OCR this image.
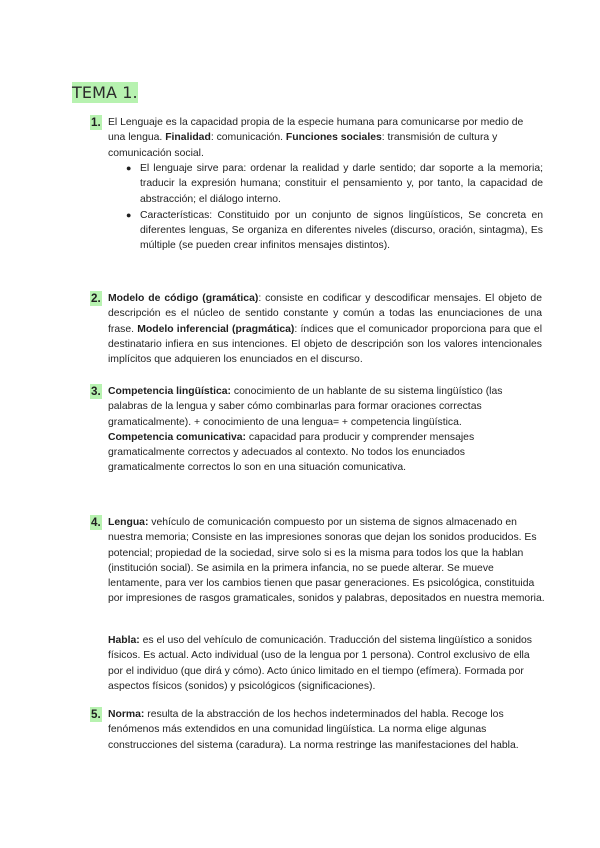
TEMA 1.
1. El Lenguaje es la capacidad propia de la especie humana para comunicarse por medio de una lengua. Finalidad: comunicación. Funciones sociales: transmisión de cultura y comunicación social.
● El lenguaje sirve para: ordenar la realidad y darle sentido; dar soporte a la memoria; traducir la expresión humana; constituir el pensamiento y, por tanto, la capacidad de abstracción; el diálogo interno.
● Características: Constituido por un conjunto de signos lingüísticos, Se concreta en diferentes lenguas, Se organiza en diferentes niveles (discurso, oración, sintagma), Es múltiple (se pueden crear infinitos mensajes distintos).
2. Modelo de código (gramática): consiste en codificar y descodificar mensajes. El objeto de descripción es el núcleo de sentido constante y común a todas las enunciaciones de una frase. Modelo inferencial (pragmática): índices que el comunicador proporciona para que el destinatario infiera en sus intenciones. El objeto de descripción son los valores intencionales implícitos que adquieren los enunciados en el discurso.
3. Competencia lingüística: conocimiento de un hablante de su sistema lingüístico (las palabras de la lengua y saber cómo combinarlas para formar oraciones correctas gramaticalmente). + conocimiento de una lengua= + competencia lingüística.
Competencia comunicativa: capacidad para producir y comprender mensajes gramaticalmente correctos y adecuados al contexto. No todos los enunciados gramaticalmente correctos lo son en una situación comunicativa.
4. Lengua: vehículo de comunicación compuesto por un sistema de signos almacenado en nuestra memoria; Consiste en las impresiones sonoras que dejan los sonidos producidos. Es potencial; propiedad de la sociedad, sirve solo si es la misma para todos los que la hablan (institución social). Se asimila en la primera infancia, no se puede alterar. Se mueve lentamente, para ver los cambios tienen que pasar generaciones. Es psicológica, constituida por impresiones de rasgos gramaticales, sonidos y palabras, depositados en nuestra memoria.
Habla: es el uso del vehículo de comunicación. Traducción del sistema lingüístico a sonidos físicos. Es actual. Acto individual (uso de la lengua por 1 persona). Control exclusivo de ella por el individuo (que dirá y cómo). Acto único limitado en el tiempo (efímera). Formada por aspectos físicos (sonidos) y psicológicos (significaciones).
5. Norma: resulta de la abstracción de los hechos indeterminados del habla. Recoge los fenómenos más extendidos en una comunidad lingüística. La norma elige algunas construcciones del sistema (caradura). La norma restringe las manifestaciones del habla.
